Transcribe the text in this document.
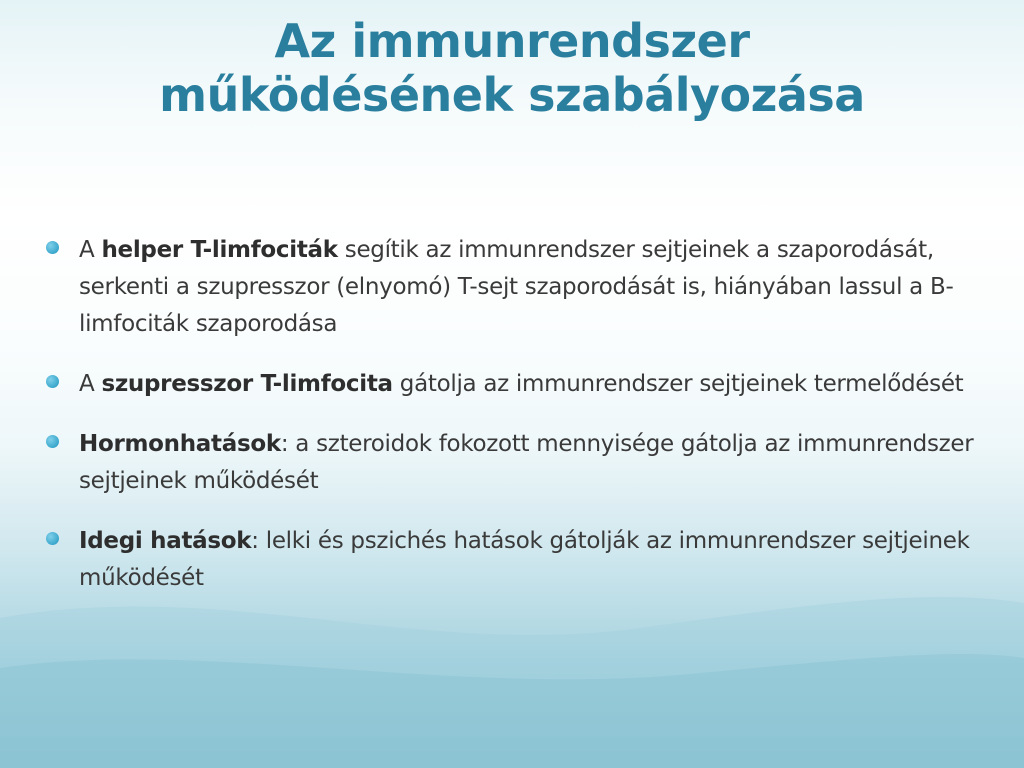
Az immunrendszer
működésének szabályozása
A helper T-limfociták segítik az immunrendszer sejtjeinek a szaporodását, serkenti a szupresszor (elnyomó) T-sejt szaporodását is, hiányában lassul a B-limfociták szaporodása
A szupresszor T-limfocita gátolja az immunrendszer sejtjeinek termelődését
Hormonhatások: a szteroidok fokozott mennyisége gátolja az immunrendszer sejtjeinek működését
Idegi hatások: lelki és pszichés hatások gátolják az immunrendszer sejtjeinek működését
